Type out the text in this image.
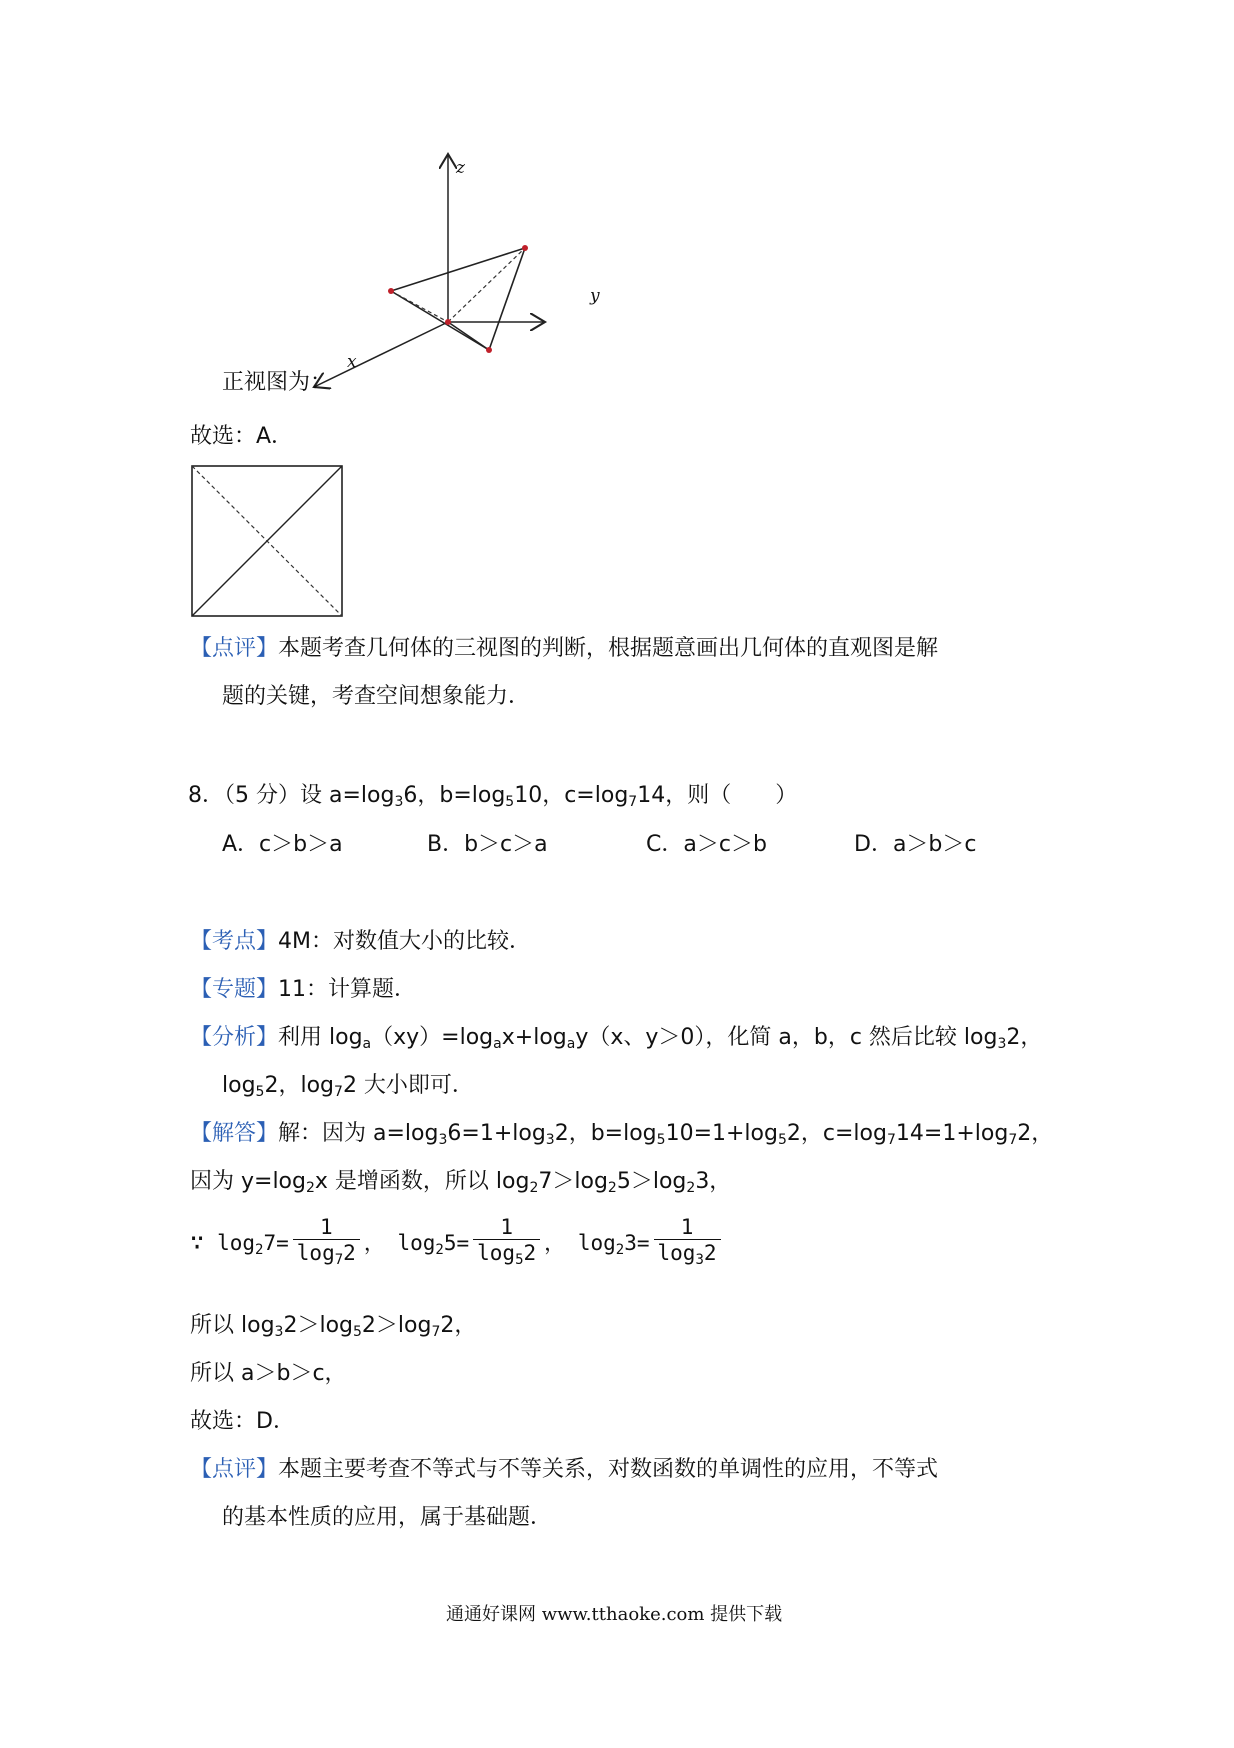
z
y
x
正视图为：
故选：A．
【点评】本题考查几何体的三视图的判断，根据题意画出几何体的直观图是解
题的关键，考查空间想象能力．
8．（5 分）设 $a=\log_36$，$b=\log_510$，$c=\log_714$，则（　　）
A．c＞b＞a	B．b＞c＞a	C．a＞c＞b	D．a＞b＞c
【考点】4M：对数值大小的比较．
【专题】11：计算题．
【分析】利用 $\log_a(xy)=\log_ax+\log_ay(x$、y＞0），化简 a，b，c 然后比较 $\log_32$，
$\log_52$，$\log_72$ 大小即可．
【解答】解：因为 $a=\log_36=1+\log_32$，$b=\log_510=1+\log_52$，$c=\log_714=1+\log_72$，
因为 $y=\log_2x$ 是增函数，所以 $\log_27>\log_25>\log_23$，
∵ $\log_27= \frac{1}{\log_72}$ ， $\log_25= \frac{1}{\log_52}$ ， $\log_23= \frac{1}{\log_32}$
所以 $\log_32>\log_52>\log_72$，
所以 a＞b＞c，
故选：D．
【点评】本题主要考查不等式与不等关系，对数函数的单调性的应用，不等式
的基本性质的应用，属于基础题．
通通好课网 www.tthaoke.com 提供下载
